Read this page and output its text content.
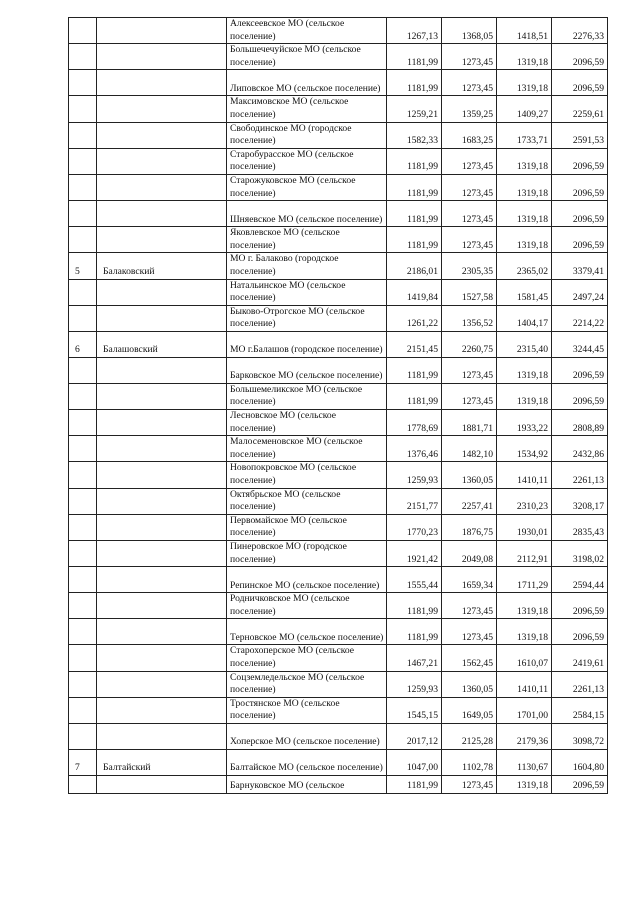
		Алексеевское МО (сельское поселение)	1267,13	1368,05	1418,51	2276,33
		Большечечуйское МО (сельское поселение)	1181,99	1273,45	1319,18	2096,59
		Липовское МО (сельское поселение)	1181,99	1273,45	1319,18	2096,59
		Максимовское МО (сельское поселение)	1259,21	1359,25	1409,27	2259,61
		Свободинское МО (городское поселение)	1582,33	1683,25	1733,71	2591,53
		Старобурасское МО (сельское поселение)	1181,99	1273,45	1319,18	2096,59
		Старожуковское МО (сельское поселение)	1181,99	1273,45	1319,18	2096,59
		Шняевское МО (сельское поселение)	1181,99	1273,45	1319,18	2096,59
		Яковлевское МО (сельское поселение)	1181,99	1273,45	1319,18	2096,59
5	Балаковский	МО г. Балаково (городское поселение)	2186,01	2305,35	2365,02	3379,41
		Натальинское МО (сельское поселение)	1419,84	1527,58	1581,45	2497,24
		Быково-Отрогское МО (сельское поселение)	1261,22	1356,52	1404,17	2214,22
6	Балашовский	МО г.Балашов (городское поселение)	2151,45	2260,75	2315,40	3244,45
		Барковское МО (сельское поселение)	1181,99	1273,45	1319,18	2096,59
		Большемеликское МО (сельское поселение)	1181,99	1273,45	1319,18	2096,59
		Лесновское МО (сельское поселение)	1778,69	1881,71	1933,22	2808,89
		Малосеменовское МО (сельское поселение)	1376,46	1482,10	1534,92	2432,86
		Новопокровское МО (сельское поселение)	1259,93	1360,05	1410,11	2261,13
		Октябрьское МО (сельское поселение)	2151,77	2257,41	2310,23	3208,17
		Первомайское МО (сельское поселение)	1770,23	1876,75	1930,01	2835,43
		Пинеровское МО (городское поселение)	1921,42	2049,08	2112,91	3198,02
		Репинское МО (сельское поселение)	1555,44	1659,34	1711,29	2594,44
		Родничковское МО (сельское поселение)	1181,99	1273,45	1319,18	2096,59
		Терновское МО (сельское поселение)	1181,99	1273,45	1319,18	2096,59
		Старохоперское МО (сельское поселение)	1467,21	1562,45	1610,07	2419,61
		Соцземледельское МО (сельское поселение)	1259,93	1360,05	1410,11	2261,13
		Тростянское МО (сельское поселение)	1545,15	1649,05	1701,00	2584,15
		Хоперское МО (сельское поселение)	2017,12	2125,28	2179,36	3098,72
7	Балтайский	Балтайское МО (сельское поселение)	1047,00	1102,78	1130,67	1604,80
		Барнуковское МО (сельское	1181,99	1273,45	1319,18	2096,59
